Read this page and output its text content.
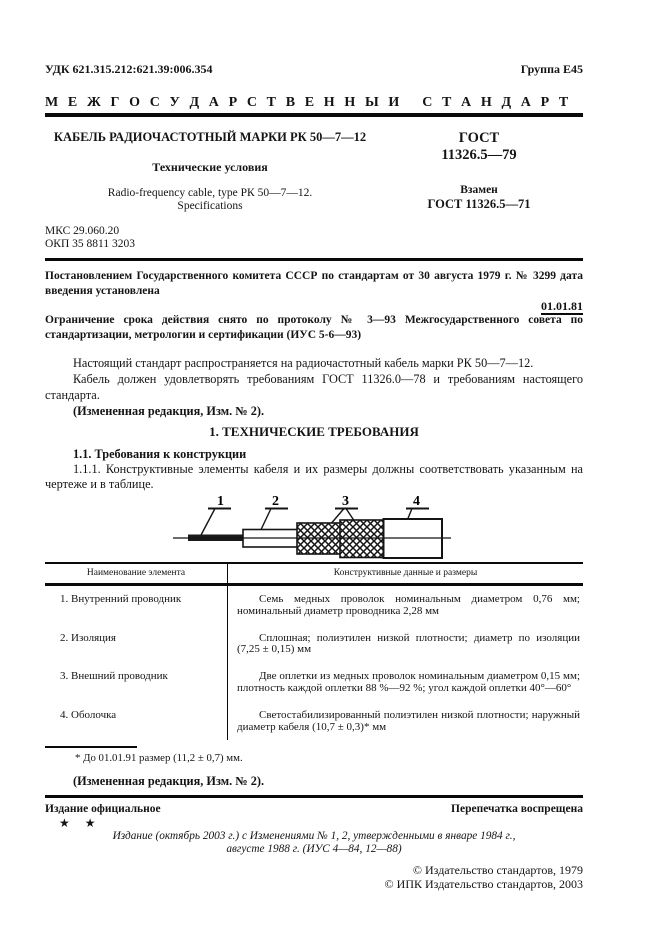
УДК 621.315.212:621.39:006.354	Группа Е45
М Е Ж Г О С У Д А Р С Т В Е Н Н Ы Й   С Т А Н Д А Р Т
КАБЕЛЬ РАДИОЧАСТОТНЫЙ МАРКИ РК 50—7—12
Технические условия
Radio-frequency cable, type РК 50—7—12.
Specifications
ГОСТ
11326.5—79
Взамен
ГОСТ 11326.5—71
МКС 29.060.20
ОКП 35 8811 3203
Постановлением Государственного комитета СССР по стандартам от 30 августа 1979 г. № 3299 дата введения установлена
01.01.81
Ограничение срока действия снято по протоколу № 3—93 Межгосударственного совета по стандартизации, метрологии и сертификации (ИУС 5-6—93)

Настоящий стандарт распространяется на радиочастотный кабель марки РК 50—7—12.

Кабель должен удовлетворять требованиям ГОСТ 11326.0—78 и требованиям настоящего стандарта.

(Измененная редакция, Изм. № 2).

1. ТЕХНИЧЕСКИЕ ТРЕБОВАНИЯ
1.1. Требования к конструкции

1.1.1. Конструктивные элементы кабеля и их размеры должны соответствовать указанным на чертеже и в таблице.

1	2	3	4
Наименование элемента	Конструктивные данные и размеры

1. Внутренний проводник	Семь медных проволок номинальным диаметром 0,76 мм; номинальный диаметр проводника 2,28 мм

2. Изоляция	Сплошная; полиэтилен низкой плотности; диаметр по изоляции (7,25 ± 0,15) мм

3. Внешний проводник	Две оплетки из медных проволок номинальным диаметром 0,15 мм; плотность каждой оплетки 88 %—92 %; угол каждой оплетки 40°—60°

4. Оболочка	Светостабилизированный полиэтилен низкой плотности; наружный диаметр кабеля (10,7 ± 0,3)* мм
* До 01.01.91 размер (11,2 ± 0,7) мм.
(Измененная редакция, Изм. № 2).
Издание официальное	Перепечатка воспрещена
★ ★
Издание (октябрь 2003 г.) с Изменениями № 1, 2, утвержденными в январе 1984 г.,
августе 1988 г. (ИУС 4—84, 12—88)
© Издательство стандартов, 1979
© ИПК Издательство стандартов, 2003
